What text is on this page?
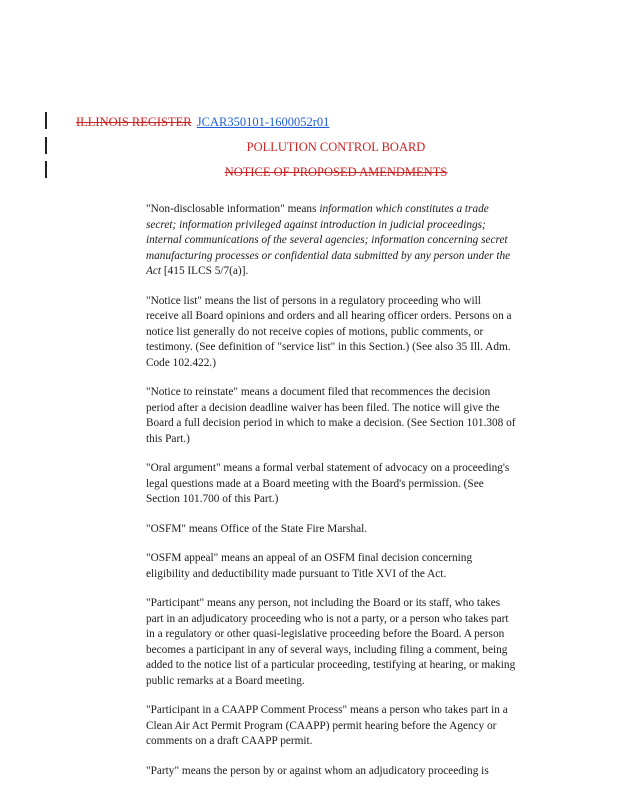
ILLINOIS REGISTER JCAR350101-1600052r01
POLLUTION CONTROL BOARD
NOTICE OF PROPOSED AMENDMENTS

"Non-disclosable information" means information which constitutes a trade secret; information privileged against introduction in judicial proceedings; internal communications of the several agencies; information concerning secret manufacturing processes or confidential data submitted by any person under the Act [415 ILCS 5/7(a)].

"Notice list" means the list of persons in a regulatory proceeding who will receive all Board opinions and orders and all hearing officer orders. Persons on a notice list generally do not receive copies of motions, public comments, or testimony. (See definition of "service list" in this Section.) (See also 35 Ill. Adm. Code 102.422.)

"Notice to reinstate" means a document filed that recommences the decision period after a decision deadline waiver has been filed. The notice will give the Board a full decision period in which to make a decision. (See Section 101.308 of this Part.)

"Oral argument" means a formal verbal statement of advocacy on a proceeding's legal questions made at a Board meeting with the Board's permission. (See Section 101.700 of this Part.)

"OSFM" means Office of the State Fire Marshal.

"OSFM appeal" means an appeal of an OSFM final decision concerning eligibility and deductibility made pursuant to Title XVI of the Act.

"Participant" means any person, not including the Board or its staff, who takes part in an adjudicatory proceeding who is not a party, or a person who takes part in a regulatory or other quasi-legislative proceeding before the Board. A person becomes a participant in any of several ways, including filing a comment, being added to the notice list of a particular proceeding, testifying at hearing, or making public remarks at a Board meeting.

"Participant in a CAAPP Comment Process" means a person who takes part in a Clean Air Act Permit Program (CAAPP) permit hearing before the Agency or comments on a draft CAAPP permit.

"Party" means the person by or against whom an adjudicatory proceeding is
